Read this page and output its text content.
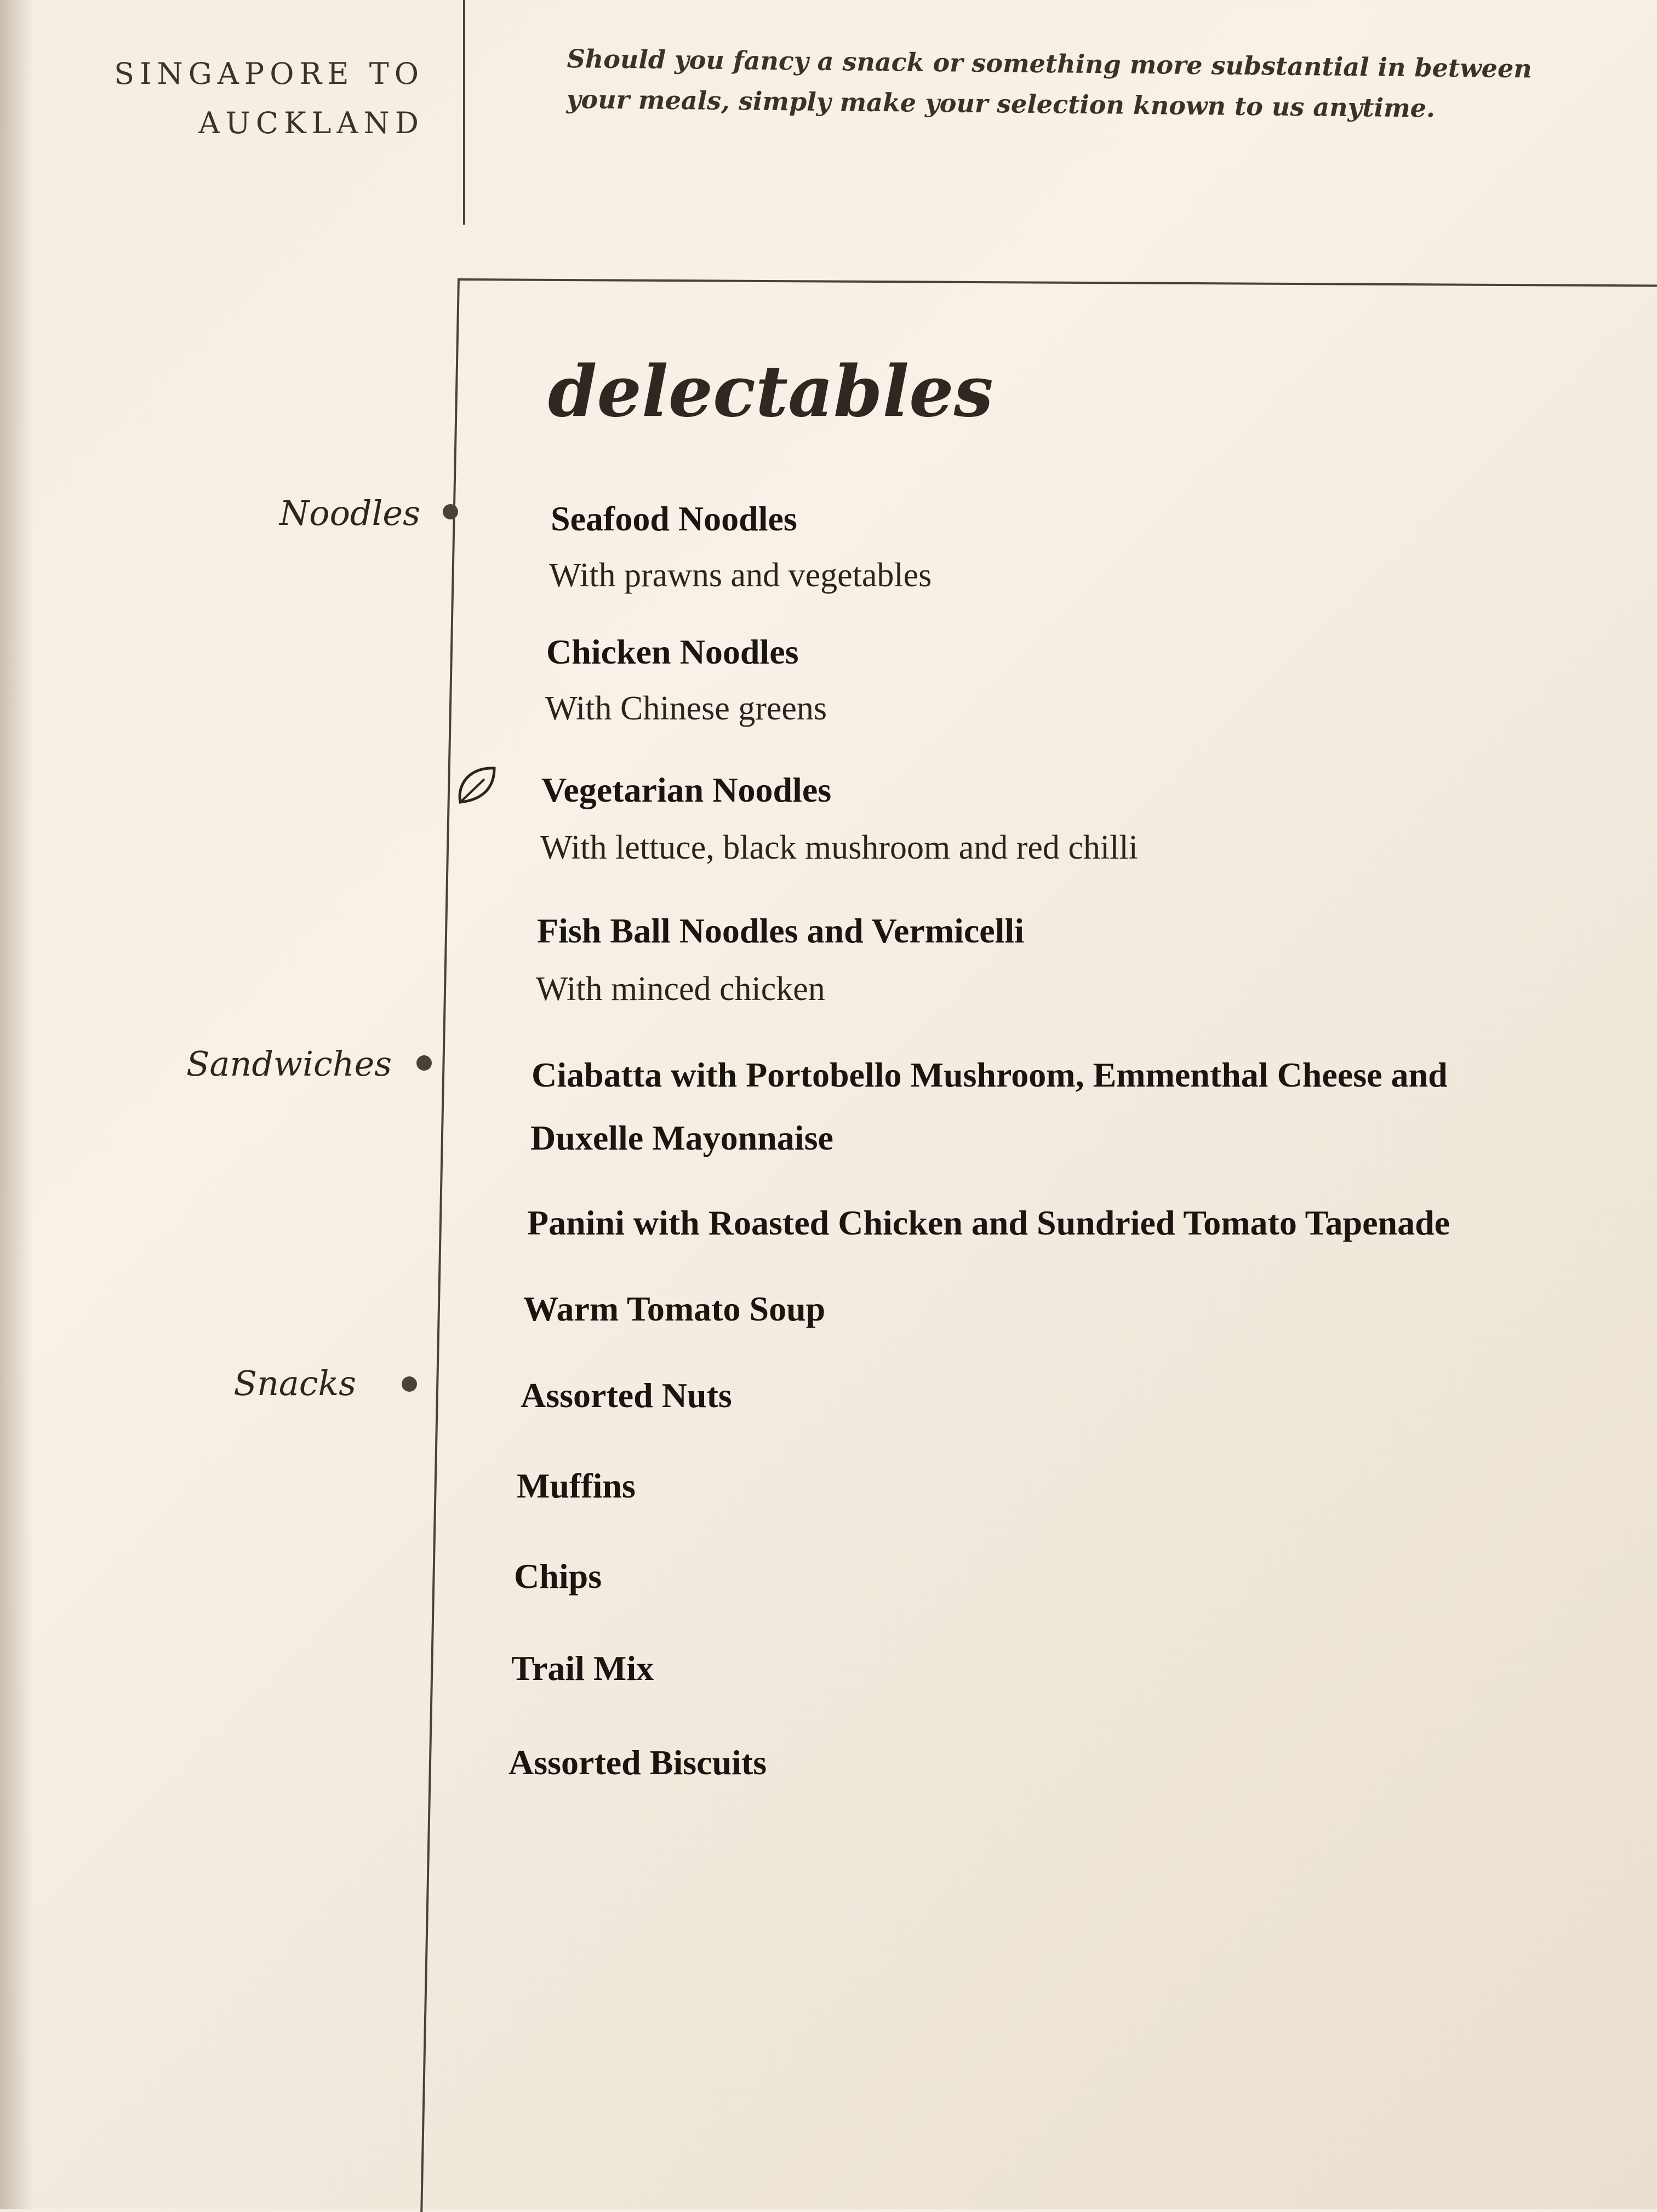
SINGAPORE TO
AUCKLAND
Should you fancy a snack or something more substantial in between your meals, simply make your selection known to us anytime.
delectables
Noodles	Seafood Noodles
With prawns and vegetables
Chicken Noodles
With Chinese greens
Vegetarian Noodles
With lettuce, black mushroom and red chilli
Fish Ball Noodles and Vermicelli
With minced chicken
Sandwiches	Ciabatta with Portobello Mushroom, Emmenthal Cheese and
Duxelle Mayonnaise
Panini with Roasted Chicken and Sundried Tomato Tapenade
Warm Tomato Soup
Snacks	Assorted Nuts
Muffins
Chips
Trail Mix
Assorted Biscuits
